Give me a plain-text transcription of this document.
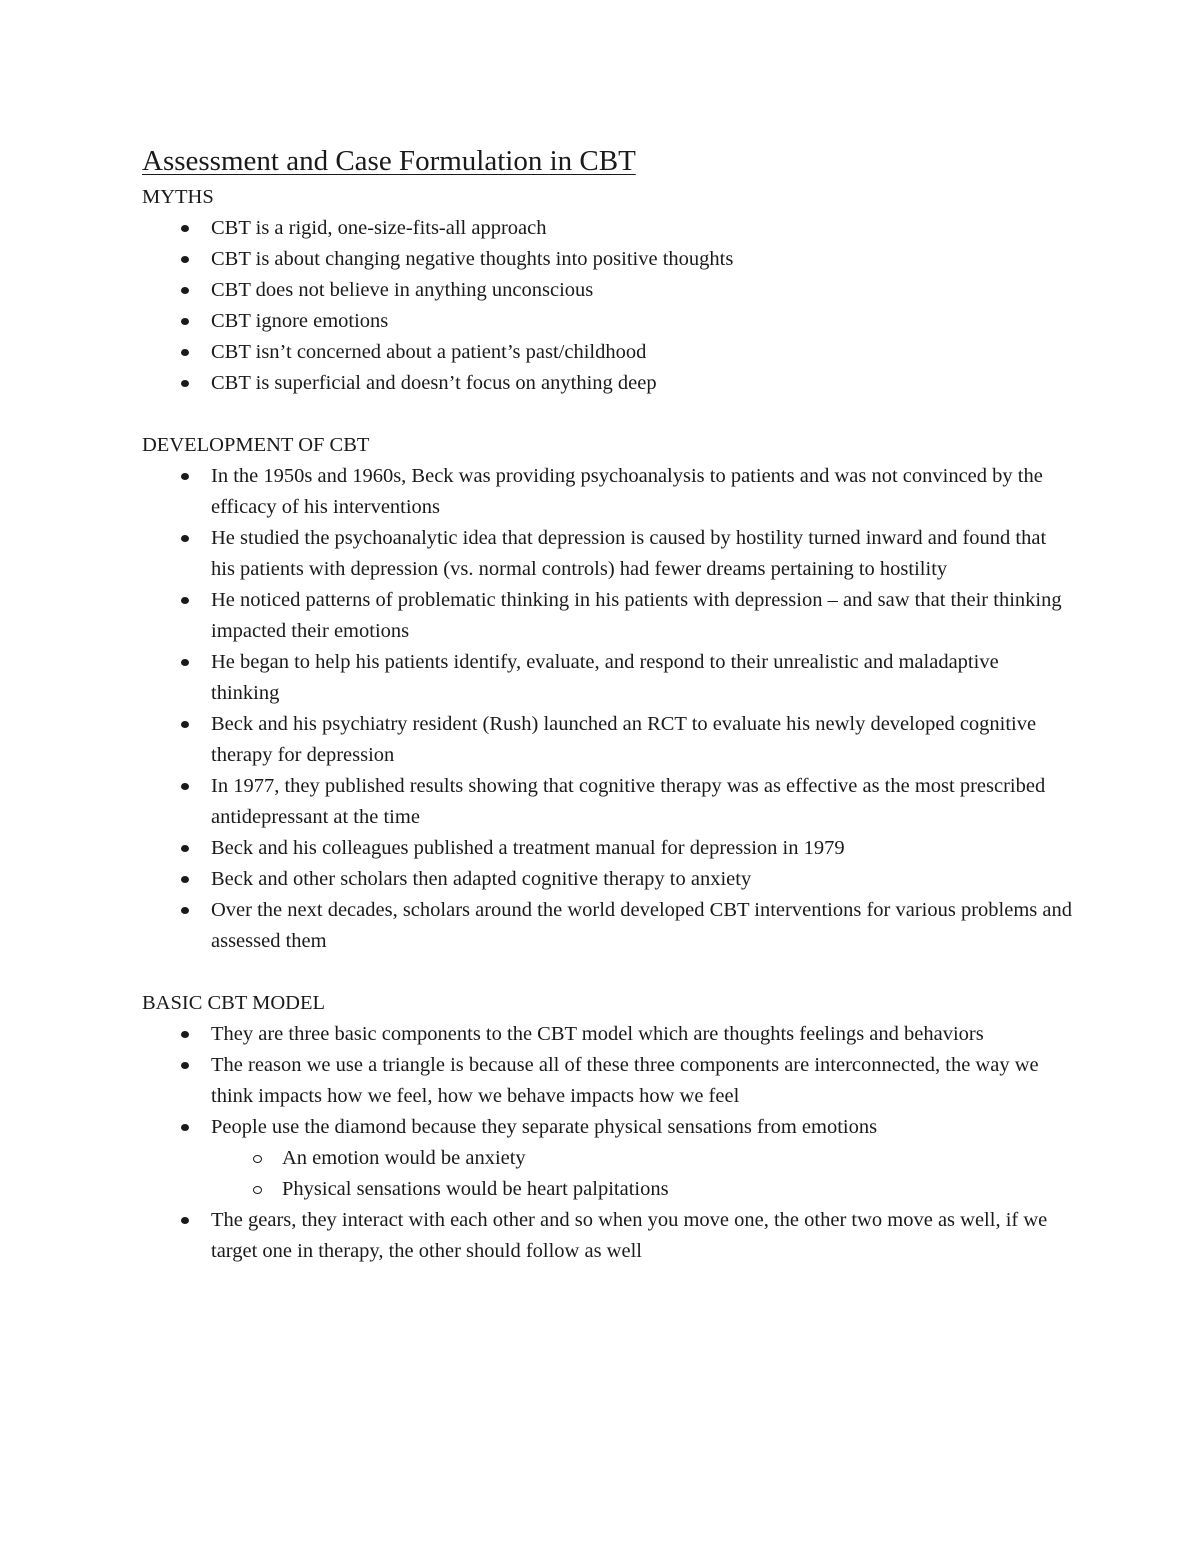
Assessment and Case Formulation in CBT
MYTHS
CBT is a rigid, one-size-fits-all approach
CBT is about changing negative thoughts into positive thoughts
CBT does not believe in anything unconscious
CBT ignore emotions
CBT isn’t concerned about a patient’s past/childhood
CBT is superficial and doesn’t focus on anything deep
DEVELOPMENT OF CBT
In the 1950s and 1960s, Beck was providing psychoanalysis to patients and was not convinced by the efficacy of his interventions
He studied the psychoanalytic idea that depression is caused by hostility turned inward and found that his patients with depression (vs. normal controls) had fewer dreams pertaining to hostility
He noticed patterns of problematic thinking in his patients with depression – and saw that their thinking impacted their emotions
He began to help his patients identify, evaluate, and respond to their unrealistic and maladaptive thinking
Beck and his psychiatry resident (Rush) launched an RCT to evaluate his newly developed cognitive therapy for depression
In 1977, they published results showing that cognitive therapy was as effective as the most prescribed antidepressant at the time
Beck and his colleagues published a treatment manual for depression in 1979
Beck and other scholars then adapted cognitive therapy to anxiety
Over the next decades, scholars around the world developed CBT interventions for various problems and assessed them
BASIC CBT MODEL
They are three basic components to the CBT model which are thoughts feelings and behaviors
The reason we use a triangle is because all of these three components are interconnected, the way we think impacts how we feel, how we behave impacts how we feel
People use the diamond because they separate physical sensations from emotions
An emotion would be anxiety
Physical sensations would be heart palpitations
The gears, they interact with each other and so when you move one, the other two move as well, if we target one in therapy, the other should follow as well
